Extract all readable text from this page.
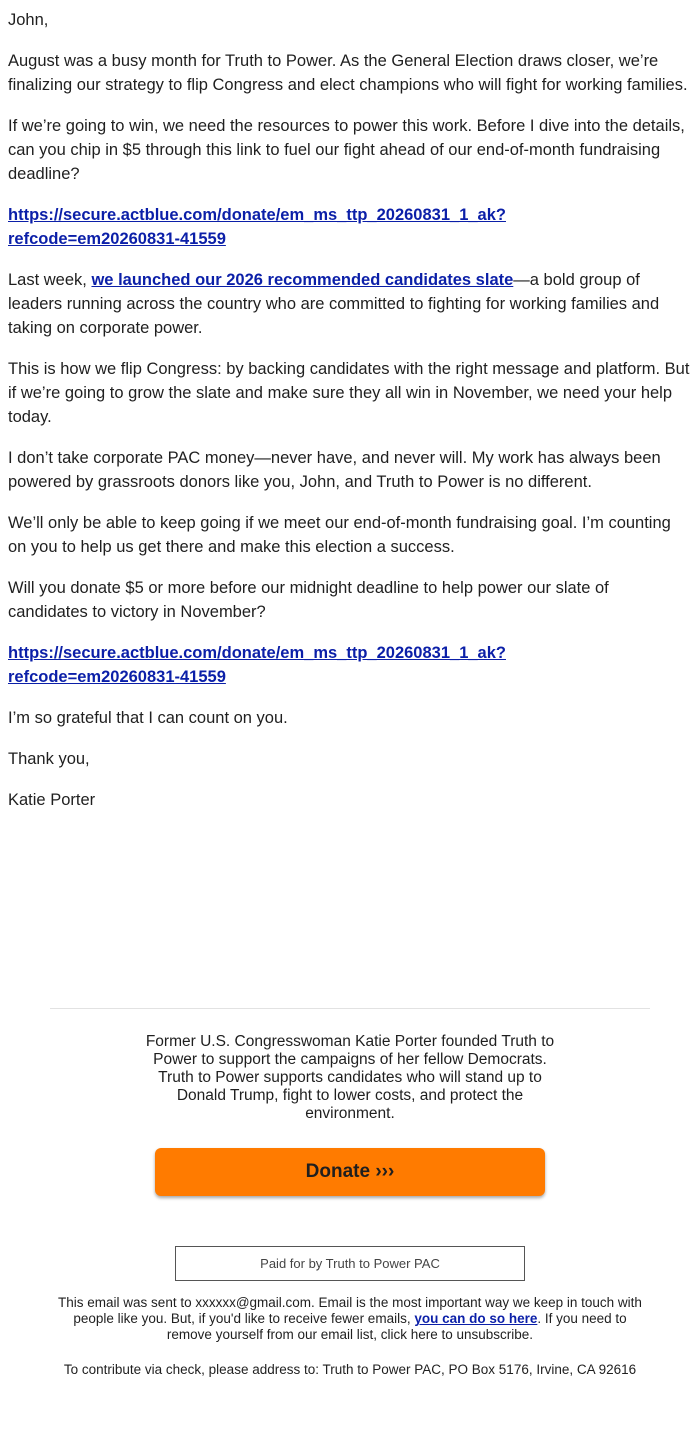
John,

August was a busy month for Truth to Power. As the General Election draws closer, we’re finalizing our strategy to flip Congress and elect champions who will fight for working families.

If we’re going to win, we need the resources to power this work. Before I dive into the details, can you chip in $5 through this link to fuel our fight ahead of our end-of-month fundraising deadline?

https://secure.actblue.com/donate/em_ms_ttp_20260831_1_ak?
refcode=em20260831-41559

Last week, we launched our 2026 recommended candidates slate—a bold group of leaders running across the country who are committed to fighting for working families and taking on corporate power.

This is how we flip Congress: by backing candidates with the right message and platform. But if we’re going to grow the slate and make sure they all win in November, we need your help today.

I don’t take corporate PAC money—never have, and never will. My work has always been powered by grassroots donors like you, John, and Truth to Power is no different.

We’ll only be able to keep going if we meet our end-of-month fundraising goal. I’m counting on you to help us get there and make this election a success.

Will you donate $5 or more before our midnight deadline to help power our slate of candidates to victory in November?

https://secure.actblue.com/donate/em_ms_ttp_20260831_1_ak?
refcode=em20260831-41559

I’m so grateful that I can count on you.

Thank you,

Katie Porter

Former U.S. Congresswoman Katie Porter founded Truth to Power to support the campaigns of her fellow Democrats. Truth to Power supports candidates who will stand up to Donald Trump, fight to lower costs, and protect the environment.
Donate ›››
Paid for by Truth to Power PAC
This email was sent to xxxxxx@gmail.com. Email is the most important way we keep in touch with people like you. But, if you'd like to receive fewer emails, you can do so here. If you need to remove yourself from our email list, click here to unsubscribe.
To contribute via check, please address to: Truth to Power PAC, PO Box 5176, Irvine, CA 92616
